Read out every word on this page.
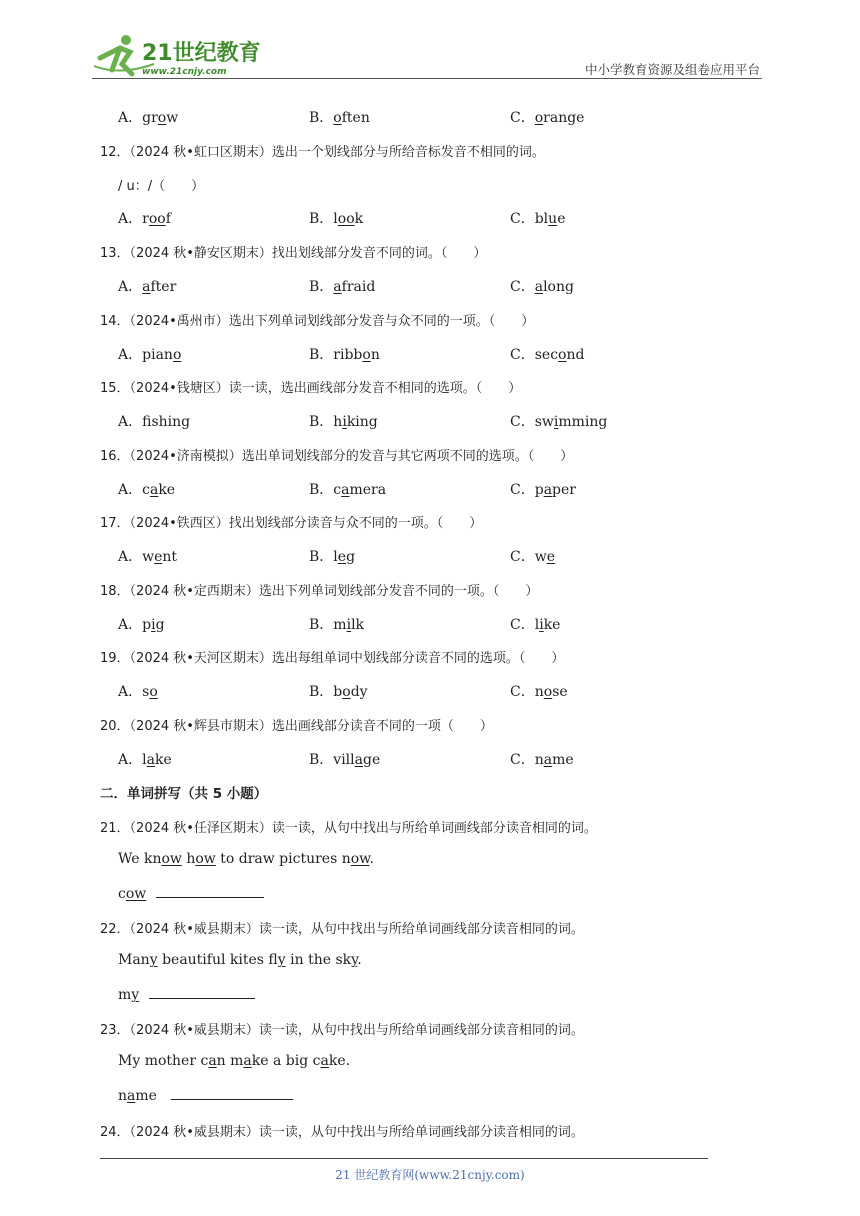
21世纪教育
www.21cnjy.com	中小学教育资源及组卷应用平台
A．grow	B．often	C．orange
12．（2024 秋•虹口区期末）选出一个划线部分与所给音标发音不相同的词。
/ u：/（　　）
A．roof	B．look	C．blue
13．（2024 秋•静安区期末）找出划线部分发音不同的词。（　　）
A．after	B．afraid	C．along
14．（2024•禹州市）选出下列单词划线部分发音与众不同的一项。（　　）
A．piano	B．ribbon	C．second
15．（2024•钱塘区）读一读，选出画线部分发音不相同的选项。（　　）
A．fshing	B．hiking	C．swimming
16．（2024•济南模拟）选出单词划线部分的发音与其它两项不同的选项。（　　）
A．cake	B．camera	C．paper
17．（2024•铁西区）找出划线部分读音与众不同的一项。（　　）
A．went	B．leg	C．we
18．（2024 秋•定西期末）选出下列单词划线部分发音不同的一项。（　　）
A．pig	B．milk	C．like
19．（2024 秋•天河区期末）选出每组单词中划线部分读音不同的选项。（　　）
A．so	B．body	C．nose
20．（2024 秋•辉县市期末）选出画线部分读音不同的一项（　　）
A．lake	B．village	C．name
二．单词拼写（共 5 小题）
21．（2024 秋•任泽区期末）读一读，从句中找出与所给单词画线部分读音相同的词。
We know how to draw pictures now.
cow
22．（2024 秋•威县期末）读一读，从句中找出与所给单词画线部分读音相同的词。
Many beautiful kites fly in the sky.
my
23．（2024 秋•威县期末）读一读，从句中找出与所给单词画线部分读音相同的词。
My mother can make a big cake.
name
24．（2024 秋•威县期末）读一读，从句中找出与所给单词画线部分读音相同的词。
21 世纪教育网(www.21cnjy.com)
